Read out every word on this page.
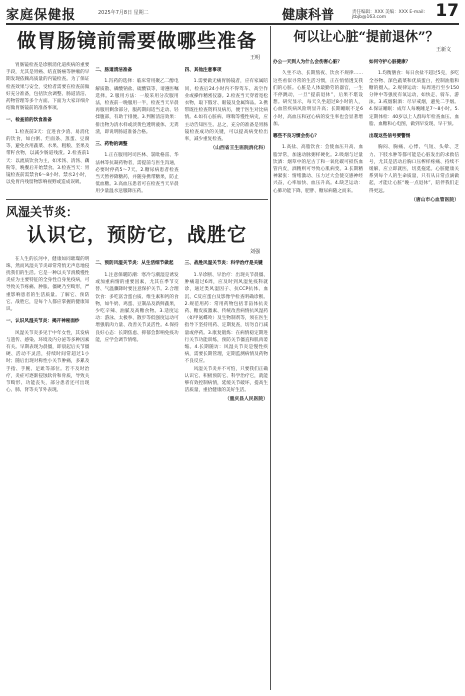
家庭保健报	2025年7月8日 星期二	健康科普	责任编辑：XXX 美编：XXX E-mail: jtbjb@163.com	17
做胃肠镜前需要做哪些准备
王明

胃肠镜检查是诊断消化道疾病的重要手段，尤其是胃癌、结直肠癌等肿瘤的早期发现依赖高质量的内镜检查。为了保证检查效果与安全，受检者需要在检查前做好充分准备，包括饮食调整、肠道清洁、药物管理等多个方面。下面为大家详细介绍做胃肠镜前的准备事项。

一、检查前的饮食准备

1.检查前3天：宜进食少渣、易消化的饮食，如白粥、烂面条、蒸蛋、豆腐等，避免食用蔬菜、水果、粗粮、坚果及带籽食物，以减少肠道残渣。2.检查前1天：以流质饮食为主，如米汤、清汤、藕粉等，晚餐后开始禁食。3.检查当天：胃镜检查前需禁食6～8小时、禁水2小时，以免胃内残留物影响视野或造成误吸。

二、肠道清洁准备

1.泻药的选择：临床常用聚乙二醇电解质散、磷酸钠盐、硫酸镁等，请遵医嘱选择。2.服用方法：一般采用分次服用法，检查前一晚服用一半，检查当天早晨再服用剩余部分，服药期间适当走动、轻揉腹部，有助于排便。3.判断清洁效果：排出物为清水样或淡黄色透明液体、无粪渣，即说明肠道准备合格。

三、药物的调整

1.正在服用阿司匹林、氯吡格雷、华法林等抗凝药物者，需提前与医生沟通，必要时停药5～7天。2.糖尿病患者检查当天暂停降糖药，并随身携带糖果，防止低血糖。3.高血压患者可在检查当天早晨用少量温水送服降压药。

四、其他注意事项

1.需要做无痛胃肠镜者，应有家属陪同，检查后24小时内不得驾车、高空作业或操作精密仪器。2.检查当天穿着宽松衣物，取下假牙、眼镜及金属饰品。3.携带既往检查资料及病历，便于医生对比病情。4.如有心脏病、哮喘等慢性病史，应主动告知医生。总之，充分的准备是胃肠镜检查成功的关键，可以提高病变检出率，减少重复检查。

（山西省王生医院消化科）
风湿关节炎：
认识它，预防它，战胜它
刘强

在人生的长河中，健康如同璀璨的明珠，然而风湿关节炎却常常悄无声息地侵扰我们的生活。它是一种以关节滑膜慢性炎症为主要特征的全身性自身免疫病，可导致关节疼痛、肿胀、僵硬乃至畸形，严重影响患者的生活质量。了解它、预防它、战胜它，是每个人都应掌握的健康知识。

一、认识风湿关节炎：揭开神秘面纱

风湿关节炎多见于中年女性，其发病与遗传、感染、环境及内分泌等多种因素有关。早期表现为晨僵，即晨起后关节僵硬、活动不灵活，持续时间常超过1小时；随后出现对称性小关节肿痛，多累及手指、手腕、足趾等部位。若不及时治疗，炎症可逐渐侵蚀软骨和骨质，导致关节畸形、功能丧失，部分患者还可出现心、肺、肾等关节外表现。

二、预防风湿关节炎：从生活细节做起

1.注意保暖防潮：寒冷与潮湿是诱发或加重病情的重要因素，尤其在季节交替、气温骤降时要注意保护关节。2.合理饮食：多吃富含蛋白质、维生素和钙的食物，如牛奶、鸡蛋、豆制品及新鲜蔬果，少吃辛辣、油腻及高糖食物。3.适度运动：游泳、太极拳、散步等低强度运动可增强肌肉力量、改善关节灵活性。4.保持良好心态：长期焦虑、抑郁会影响免疫功能，应学会调节情绪。

三、战胜风湿关节炎：科学治疗是关键

1.早诊断、早治疗：出现关节晨僵、肿痛超过6周，应及时到风湿免疫科就诊，通过类风湿因子、抗CCP抗体、血沉、C反应蛋白及影像学检查明确诊断。2.规范用药：常用药物包括非甾体抗炎药、糖皮质激素、传统改善病情抗风湿药（如甲氨蝶呤）及生物制剂等，须在医生指导下坚持用药、定期复查，切勿自行减量或停药。3.康复锻炼：在病情稳定期进行关节功能训练，预防关节僵直和肌肉萎缩。4.长期随访：风湿关节炎是慢性疾病，需要长期管理，定期监测病情及药物不良反应。

风湿关节炎并不可怕，只要我们正确认识它、积极预防它、科学治疗它，就能够有效控制病情，延缓关节破坏，提高生活质量，重拾健康的美好生活。

（重庆县人民医院）
何以让心脏“提前退休”？
王新文

办公一天到人为什么会伤害心脏？

久坐不动、长期熬夜、饮食不规律……这些看似寻常的生活习惯，正在悄悄透支我们的心脏。心脏是人体最勤劳的器官，一生不停跳动，一旦“提前退休”，后果不堪设想。研究显示，每天久坐超过8小时的人，心血管疾病风险明显升高；长期睡眠不足6小时，高血压和冠心病的发生率也会显著增加。

哪些不良习惯会伤心？

1.高盐、高脂饮食：会使血压升高、血脂异常，加速动脉粥样硬化。2.吸烟与过量饮酒：烟草中的尼古丁和一氧化碳可损伤血管内皮，酒精则可导致心肌病变。3.长期精神紧张：情绪激动、压力过大会使交感神经兴奋，心率加快、血压升高。4.缺乏运动：心肺功能下降，肥胖、糖尿病随之而来。

如何守护心脏健康？

1.均衡膳食：每日食盐不超过5克，多吃全谷物、深色蔬菜和优质蛋白，控制油脂和糖的摄入。2.规律运动：每周进行至少150分钟中等强度有氧运动，如快走、骑车、游泳。3.戒烟限酒：尽早戒烟，避免二手烟。4.保证睡眠：成年人每晚睡足7～8小时。5.定期体检：40岁以上人群每年检查血压、血脂、血糖和心电图，做到早发现、早干预。

出现这些信号要警惕

胸闷、胸痛、心悸、气短、头晕、乏力、下肢水肿等都可能是心脏发出的求救信号，尤其是活动后胸口压榨样疼痛、持续不缓解，应立即就医，切莫拖延。心脏健康关系到每个人的生命质量，只有从日常点滴做起，才能让心脏“晚一点退休”，陪伴我们走得更远。

（唐山市心血管医院）
